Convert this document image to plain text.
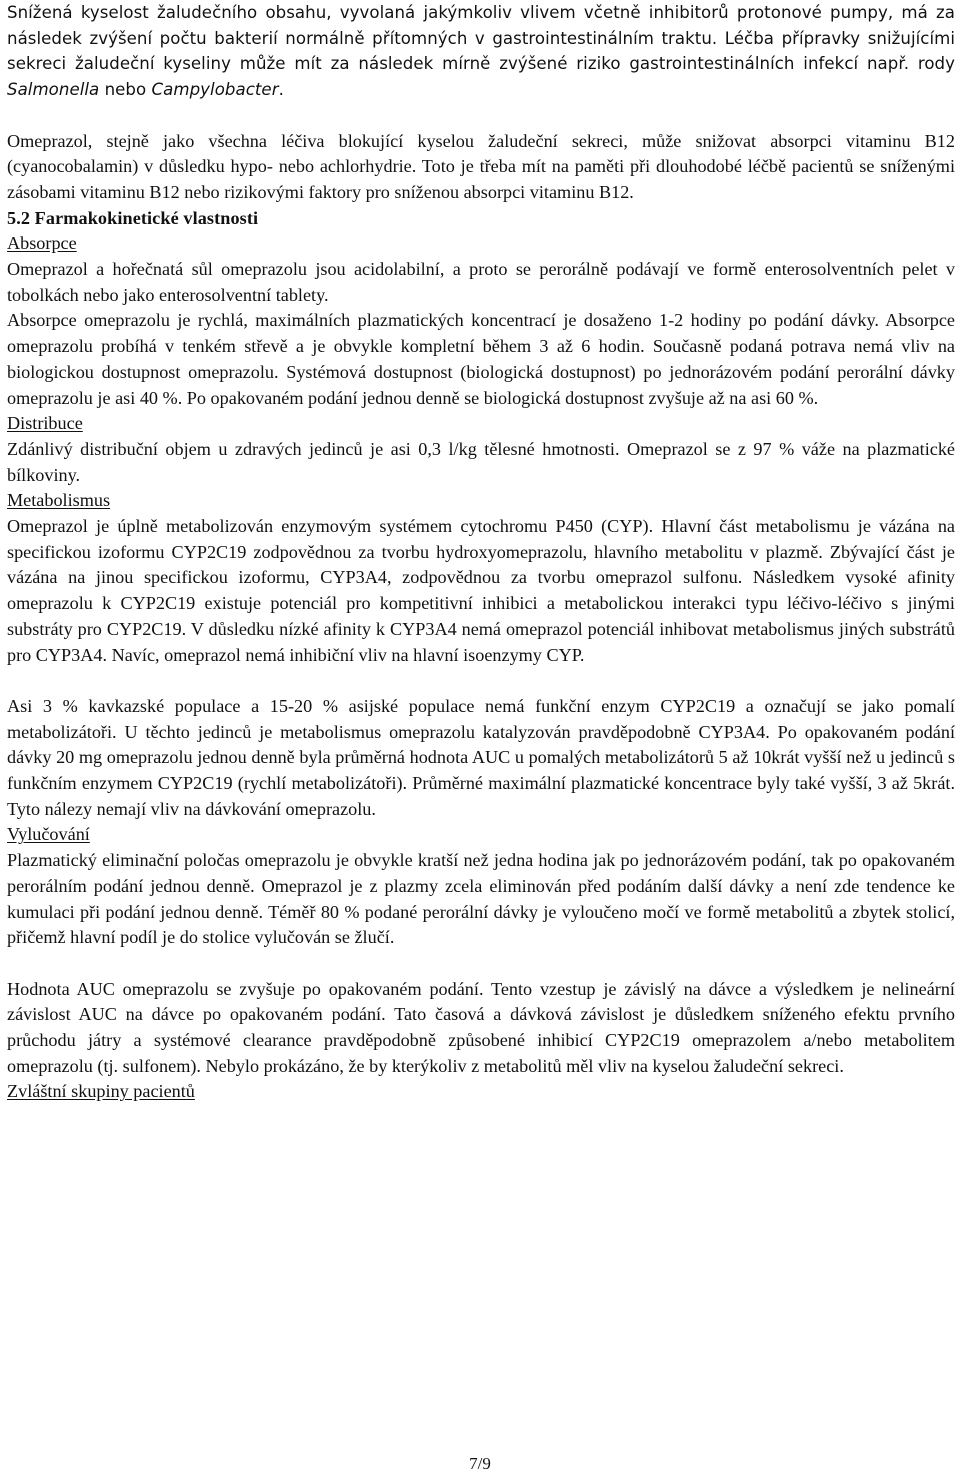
Snížená kyselost žaludečního obsahu, vyvolaná jakýmkoliv vlivem včetně inhibitorů protonové pumpy, má za následek zvýšení počtu bakterií normálně přítomných v gastrointestinálním traktu. Léčba přípravky snižujícími sekreci žaludeční kyseliny může mít za následek mírně zvýšené riziko gastrointestinálních infekcí např. rody Salmonella nebo Campylobacter.

Omeprazol, stejně jako všechna léčiva blokující kyselou žaludeční sekreci, může snižovat absorpci vitaminu B12 (cyanocobalamin) v důsledku hypo- nebo achlorhydrie. Toto je třeba mít na paměti při dlouhodobé léčbě pacientů se sníženými zásobami vitaminu B12 nebo rizikovými faktory pro sníženou absorpci vitaminu B12.

5.2 Farmakokinetické vlastnosti

Absorpce

Omeprazol a hořečnatá sůl omeprazolu jsou acidolabilní, a proto se perorálně podávají ve formě enterosolventních pelet v tobolkách nebo jako enterosolventní tablety.

Absorpce omeprazolu je rychlá, maximálních plazmatických koncentrací je dosaženo 1-2 hodiny po podání dávky. Absorpce omeprazolu probíhá v tenkém střevě a je obvykle kompletní během 3 až 6 hodin. Současně podaná potrava nemá vliv na biologickou dostupnost omeprazolu. Systémová dostupnost (biologická dostupnost) po jednorázovém podání perorální dávky omeprazolu je asi 40 %. Po opakovaném podání jednou denně se biologická dostupnost zvyšuje až na asi 60 %.

Distribuce

Zdánlivý distribuční objem u zdravých jedinců je asi 0,3 l/kg tělesné hmotnosti. Omeprazol se z 97 % váže na plazmatické bílkoviny.

Metabolismus

Omeprazol je úplně metabolizován enzymovým systémem cytochromu P450 (CYP). Hlavní část metabolismu je vázána na specifickou izoformu CYP2C19 zodpovědnou za tvorbu hydroxyomeprazolu, hlavního metabolitu v plazmě. Zbývající část je vázána na jinou specifickou izoformu, CYP3A4, zodpovědnou za tvorbu omeprazol sulfonu. Následkem vysoké afinity omeprazolu k CYP2C19 existuje potenciál pro kompetitivní inhibici a metabolickou interakci typu léčivo-léčivo s jinými substráty pro CYP2C19. V důsledku nízké afinity k CYP3A4 nemá omeprazol potenciál inhibovat metabolismus jiných substrátů pro CYP3A4. Navíc, omeprazol nemá inhibiční vliv na hlavní isoenzymy CYP.

Asi 3 % kavkazské populace a 15-20 % asijské populace nemá funkční enzym CYP2C19 a označují se jako pomalí metabolizátoři. U těchto jedinců je metabolismus omeprazolu katalyzován pravděpodobně CYP3A4. Po opakovaném podání dávky 20 mg omeprazolu jednou denně byla průměrná hodnota AUC u pomalých metabolizátorů 5 až 10krát vyšší než u jedinců s funkčním enzymem CYP2C19 (rychlí metabolizátoři). Průměrné maximální plazmatické koncentrace byly také vyšší, 3 až 5krát. Tyto nálezy nemají vliv na dávkování omeprazolu.

Vylučování

Plazmatický eliminační poločas omeprazolu je obvykle kratší než jedna hodina jak po jednorázovém podání, tak po opakovaném perorálním podání jednou denně. Omeprazol je z plazmy zcela eliminován před podáním další dávky a není zde tendence ke kumulaci při podání jednou denně. Téměř 80 % podané perorální dávky je vyloučeno močí ve formě metabolitů a zbytek stolicí, přičemž hlavní podíl je do stolice vylučován se žlučí.

Hodnota AUC omeprazolu se zvyšuje po opakovaném podání. Tento vzestup je závislý na dávce a výsledkem je nelineární závislost AUC na dávce po opakovaném podání. Tato časová a dávková závislost je důsledkem sníženého efektu prvního průchodu játry a systémové clearance pravděpodobně způsobené inhibicí CYP2C19 omeprazolem a/nebo metabolitem omeprazolu (tj. sulfonem). Nebylo prokázáno, že by kterýkoliv z metabolitů měl vliv na kyselou žaludeční sekreci.

Zvláštní skupiny pacientů

7/9
